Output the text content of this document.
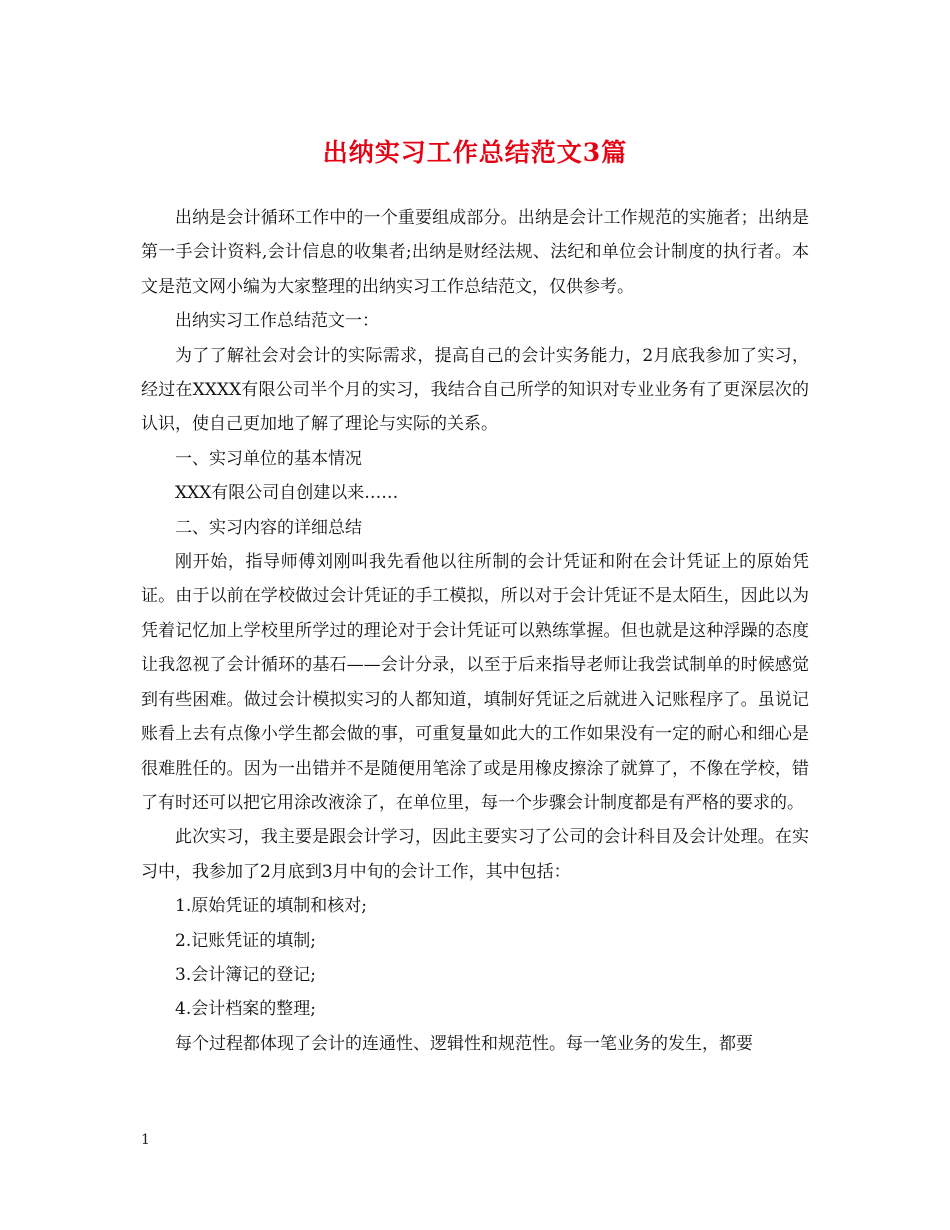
出纳实习工作总结范文3篇

出纳是会计循环工作中的一个重要组成部分。出纳是会计工作规范的实施者；出纳是第一手会计资料,会计信息的收集者;出纳是财经法规、法纪和单位会计制度的执行者。本文是范文网小编为大家整理的出纳实习工作总结范文，仅供参考。

出纳实习工作总结范文一：

为了了解社会对会计的实际需求，提高自己的会计实务能力，2月底我参加了实习，经过在XXXX有限公司半个月的实习，我结合自己所学的知识对专业业务有了更深层次的认识，使自己更加地了解了理论与实际的关系。

一、实习单位的基本情况

XXX有限公司自创建以来……

二、实习内容的详细总结

刚开始，指导师傅刘刚叫我先看他以往所制的会计凭证和附在会计凭证上的原始凭证。由于以前在学校做过会计凭证的手工模拟，所以对于会计凭证不是太陌生，因此以为凭着记忆加上学校里所学过的理论对于会计凭证可以熟练掌握。但也就是这种浮躁的态度让我忽视了会计循环的基石——会计分录，以至于后来指导老师让我尝试制单的时候感觉到有些困难。做过会计模拟实习的人都知道，填制好凭证之后就进入记账程序了。虽说记账看上去有点像小学生都会做的事，可重复量如此大的工作如果没有一定的耐心和细心是很难胜任的。因为一出错并不是随便用笔涂了或是用橡皮擦涂了就算了，不像在学校，错了有时还可以把它用涂改液涂了，在单位里，每一个步骤会计制度都是有严格的要求的。

此次实习，我主要是跟会计学习，因此主要实习了公司的会计科目及会计处理。在实习中，我参加了2月底到3月中旬的会计工作，其中包括：

1.原始凭证的填制和核对;

2.记账凭证的填制;

3.会计簿记的登记;

4.会计档案的整理;

每个过程都体现了会计的连通性、逻辑性和规范性。每一笔业务的发生，都要

1
